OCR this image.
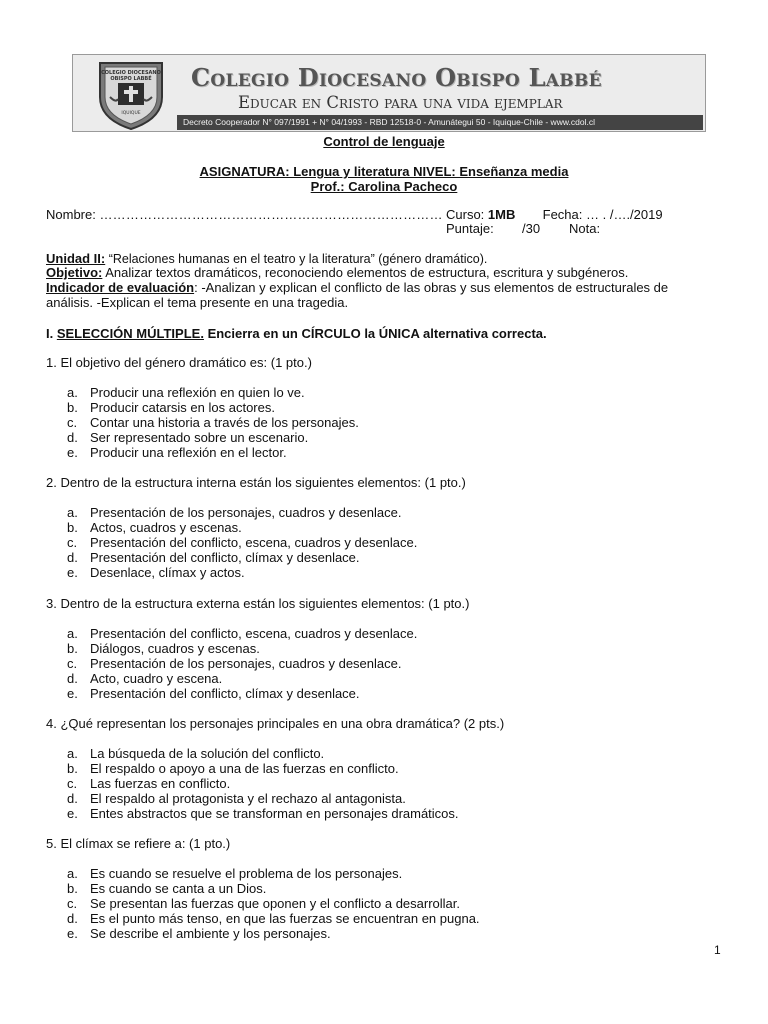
COLEGIO DIOCESANO
OBISPO LABBÉ
IQUIQUE
Colegio Diocesano Obispo Labbé
Educar en Cristo para una vida ejemplar
Decreto Cooperador N° 097/1991 + N° 04/1993 - RBD 12518-0 - Amunátegui 50 - Iquique-Chile - www.cdol.cl
Control de lenguaje
ASIGNATURA: Lengua y literatura NIVEL: Enseñanza media
Prof.: Carolina Pacheco
Nombre: …………………………………………………………………… Curso: 1MB Fecha: … . /…./2019
Puntaje: /30 Nota:
Unidad II: “Relaciones humanas en el teatro y la literatura” (género dramático).
Objetivo: Analizar textos dramáticos, reconociendo elementos de estructura, escritura y subgéneros.
Indicador de evaluación: -Analizan y explican el conflicto de las obras y sus elementos de estructurales de
análisis. -Explican el tema presente en una tragedia.
I. SELECCIÓN MÚLTIPLE. Encierra en un CÍRCULO la ÚNICA alternativa correcta.
1. El objetivo del género dramático es: (1 pto.)
a. Producir una reflexión en quien lo ve.
b. Producir catarsis en los actores.
c. Contar una historia a través de los personajes.
d. Ser representado sobre un escenario.
e. Producir una reflexión en el lector.
2. Dentro de la estructura interna están los siguientes elementos: (1 pto.)
a. Presentación de los personajes, cuadros y desenlace.
b. Actos, cuadros y escenas.
c. Presentación del conflicto, escena, cuadros y desenlace.
d. Presentación del conflicto, clímax y desenlace.
e. Desenlace, clímax y actos.
3. Dentro de la estructura externa están los siguientes elementos: (1 pto.)
a. Presentación del conflicto, escena, cuadros y desenlace.
b. Diálogos, cuadros y escenas.
c. Presentación de los personajes, cuadros y desenlace.
d. Acto, cuadro y escena.
e. Presentación del conflicto, clímax y desenlace.
4. ¿Qué representan los personajes principales en una obra dramática? (2 pts.)
a. La búsqueda de la solución del conflicto.
b. El respaldo o apoyo a una de las fuerzas en conflicto.
c. Las fuerzas en conflicto.
d. El respaldo al protagonista y el rechazo al antagonista.
e. Entes abstractos que se transforman en personajes dramáticos.
5. El clímax se refiere a: (1 pto.)
a. Es cuando se resuelve el problema de los personajes.
b. Es cuando se canta a un Dios.
c. Se presentan las fuerzas que oponen y el conflicto a desarrollar.
d. Es el punto más tenso, en que las fuerzas se encuentran en pugna.
e. Se describe el ambiente y los personajes.
1
